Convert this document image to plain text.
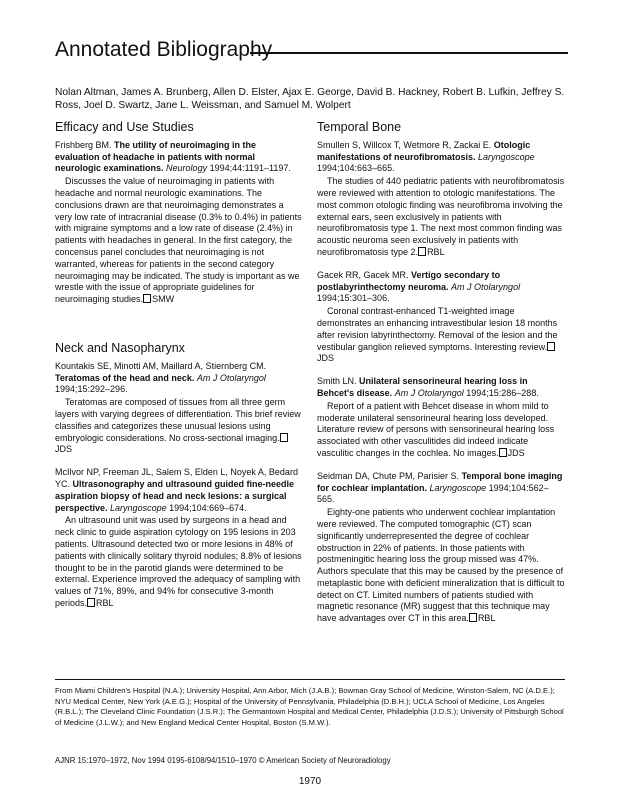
Annotated Bibliography
Nolan Altman, James A. Brunberg, Allen D. Elster, Ajax E. George, David B. Hackney, Robert B. Lufkin, Jeffrey S. Ross, Joel D. Swartz, Jane L. Weissman, and Samuel M. Wolpert
Efficacy and Use Studies
Frishberg BM. The utility of neuroimaging in the evaluation of headache in patients with normal neurologic examinations. Neurology 1994;44:1191–1197.
Discusses the value of neuroimaging in patients with headache and normal neurologic examinations. The conclusions drawn are that neuroimaging demonstrates a very low rate of intracranial disease (0.3% to 0.4%) in patients with migraine symptoms and a low rate of disease (2.4%) in patients with headaches in general. In the first category, the concensus panel concludes that neuroimaging is not warranted, whereas for patients in the second category neuroimaging may be indicated. The study is important as we wrestle with the issue of appropriate guidelines for neuroimaging studies. SMW
Neck and Nasopharynx
Kountakis SE, Minotti AM, Maillard A, Stiernberg CM. Teratomas of the head and neck. Am J Otolaryngol 1994;15:292–296.
Teratomas are composed of tissues from all three germ layers with varying degrees of differentiation. This brief review classifies and categorizes these unusual lesions using embryologic considerations. No cross-sectional imaging.JDS
McIlvor NP, Freeman JL, Salem S, Elden L, Noyek A, Bedard YC. Ultrasonography and ultrasound guided fine-needle aspiration biopsy of head and neck lesions: a surgical perspective. Laryngoscope 1994;104:669–674.
An ultrasound unit was used by surgeons in a head and neck clinic to guide aspiration cytology on 195 lesions in 203 patients. Ultrasound detected two or more lesions in 48% of patients with clinically solitary thyroid nodules; 8.8% of lesions thought to be in the parotid glands were determined to be external. Experience improved the adequacy of sampling with values of 71%, 89%, and 94% for consecutive 3-month periods. RBL
Temporal Bone
Smullen S, Willcox T, Wetmore R, Zackai E. Otologic manifestations of neurofibromatosis. Laryngoscope 1994;104:663–665.
The studies of 440 pediatric patients with neurofibromatosis were reviewed with attention to otologic manifestations. The most common otologic finding was neurofibroma involving the external ears, seen exclusively in patients with neurofibromatosis type 1. The next most common finding was acoustic neuroma seen exclusively in patients with neurofibromatosis type 2. RBL
Gacek RR, Gacek MR. Vertigo secondary to postlabyrinthectomy neuroma. Am J Otolaryngol 1994;15:301–306.
Coronal contrast-enhanced T1-weighted image demonstrates an enhancing intravestibular lesion 18 months after revision labyrinthectomy. Removal of the lesion and the vestibular ganglion relieved symptoms. Interesting review.JDS
Smith LN. Unilateral sensorineural hearing loss in Behcet's disease. Am J Otolaryngol 1994;15:286–288.
Report of a patient with Behcet disease in whom mild to moderate unilateral sensorineural hearing loss developed. Literature review of persons with sensorineural hearing loss associated with other vasculitides did indeed indicate vasculitic changes in the cochlea. No images. JDS
Seidman DA, Chute PM, Parisier S. Temporal bone imaging for cochlear implantation. Laryngoscope 1994;104:562–565.
Eighty-one patients who underwent cochlear implantation were reviewed. The computed tomographic (CT) scan significantly underrepresented the degree of cochlear obstruction in 22% of patients. In those patients with postmeningitic hearing loss the group missed was 47%. Authors speculate that this may be caused by the presence of metaplastic bone with deficient mineralization that is difficult to detect on CT. Limited numbers of patients studied with magnetic resonance (MR) suggest that this technique may have advantages over CT in this area. RBL
From Miami Children's Hospital (N.A.); University Hospital, Ann Arbor, Mich (J.A.B.); Bowman Gray School of Medicine, Winston-Salem, NC (A.D.E.); NYU Medical Center, New York (A.E.G.); Hospital of the University of Pennsylvania, Philadelphia (D.B.H.); UCLA School of Medicine, Los Angeles (R.B.L.); The Cleveland Clinic Foundation (J.S.R.); The Germantown Hospital and Medical Center, Philadelphia (J.D.S.); University of Pittsburgh School of Medicine (J.L.W.); and New England Medical Center Hospital, Boston (S.M.W.).
AJNR 15:1970–1972, Nov 1994 0195-6108/94/1510–1970 © American Society of Neuroradiology
1970
